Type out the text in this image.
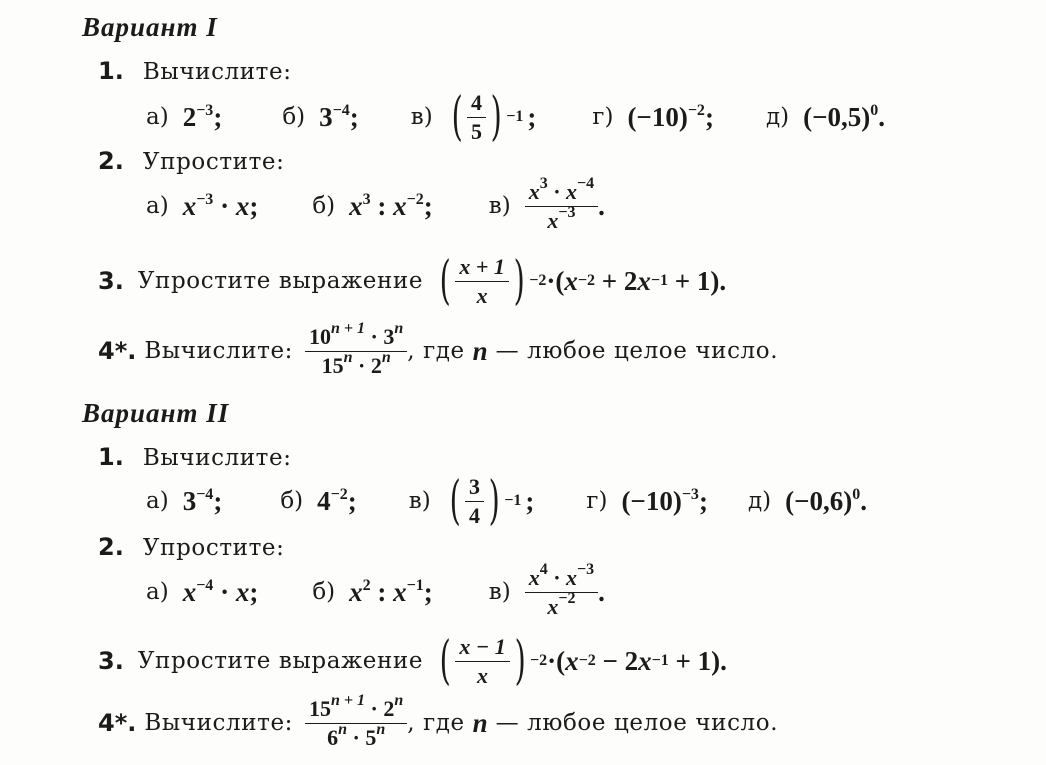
Вариант I
1. Вычислите:
а) $2^{-3}$;	б) $3^{-4}$; в) ( $\frac{4}{5}$ ) −1 ; г) $(-10)^{-2}$; д) $(-0,5)^0$.
2. Упростите:
а) $x^{-3} \cdot x$; б) $x^3$ : $x^{-2}$; $в) \frac{x^3 \cdot x^{-4}}{x^{-3}}$ .
3. Упростите выражение ( $\frac{x + 1}{x}$ ) −2 ·( x −2 + 2 x −1 + 1).
4*. Вычислите: $\frac{10^{n + 1} \cdot 3^n}{15^n \cdot 2^n}$ , где n — любое целое число.
Вариант II
1. Вычислите:
а) $3^{-4}$;	б) $4^{-2}$; в) ( $\frac{3}{4}$ ) −1 ; г) $(-10)^{-3}$; д) $(-0,6)^0$.
2. Упростите:
а) $x^{-4} \cdot x$; б) $x^2$ : $x^{-1}$; $в) \frac{x^4 \cdot x^{-3}}{x^{-2}}$ .
3. Упростите выражение ( $\frac{x - 1}{x}$ ) −2 ·( x −2 − 2 x −1 + 1).
4*. Вычислите: $\frac{15^{n + 1} \cdot 2^n}{6^n \cdot 5^n}$ , где n — любое целое число.
